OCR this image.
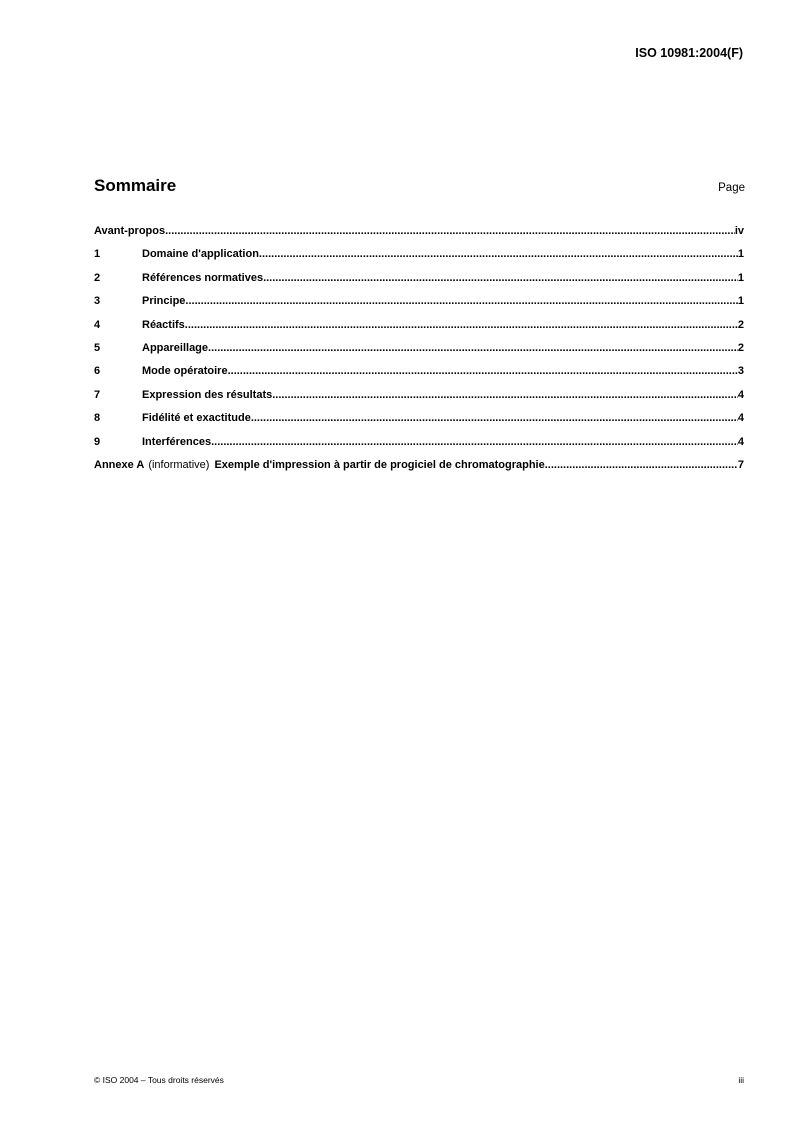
ISO 10981:2004(F)
Sommaire	Page
Avant-propos .....	iv
1	Domaine d'application .....	1
2	Références normatives .....	1
3	Principe .....	1
4	Réactifs .....	2
5	Appareillage .....	2
6	Mode opératoire .....	3
7	Expression des résultats .....	4
8	Fidélité et exactitude .....	4
9	Interférences .....	4
Annexe A (informative) Exemple d'impression à partir de progiciel de chromatographie .....	7
© ISO 2004 – Tous droits réservés	iii
